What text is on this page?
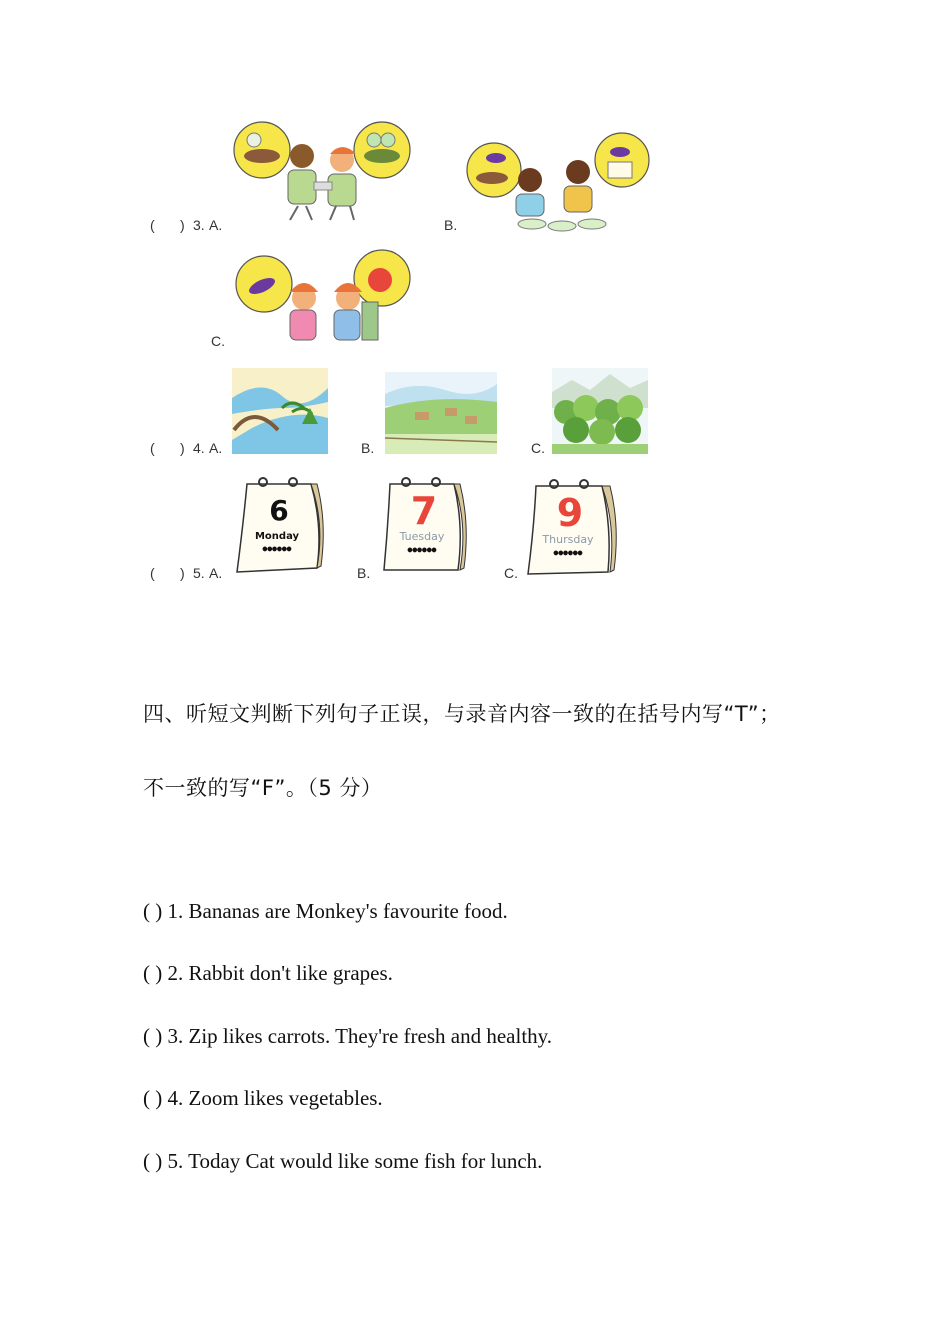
( ) 3. A.	B.
C.
( ) 4. A.	B.	C.
( ) 5. A.	B.	C.
6
Monday
●●●●●●
7
Tuesday
●●●●●●
9
Thursday
●●●●●●
四、听短文判断下列句子正误，与录音内容一致的在括号内写“T”；
不一致的写“F”。（5 分）
( ) 1. Bananas are Monkey's favourite food.
( ) 2. Rabbit don't like grapes.
( ) 3. Zip likes carrots. They're fresh and healthy.
( ) 4. Zoom likes vegetables.
( ) 5. Today Cat would like some fish for lunch.
